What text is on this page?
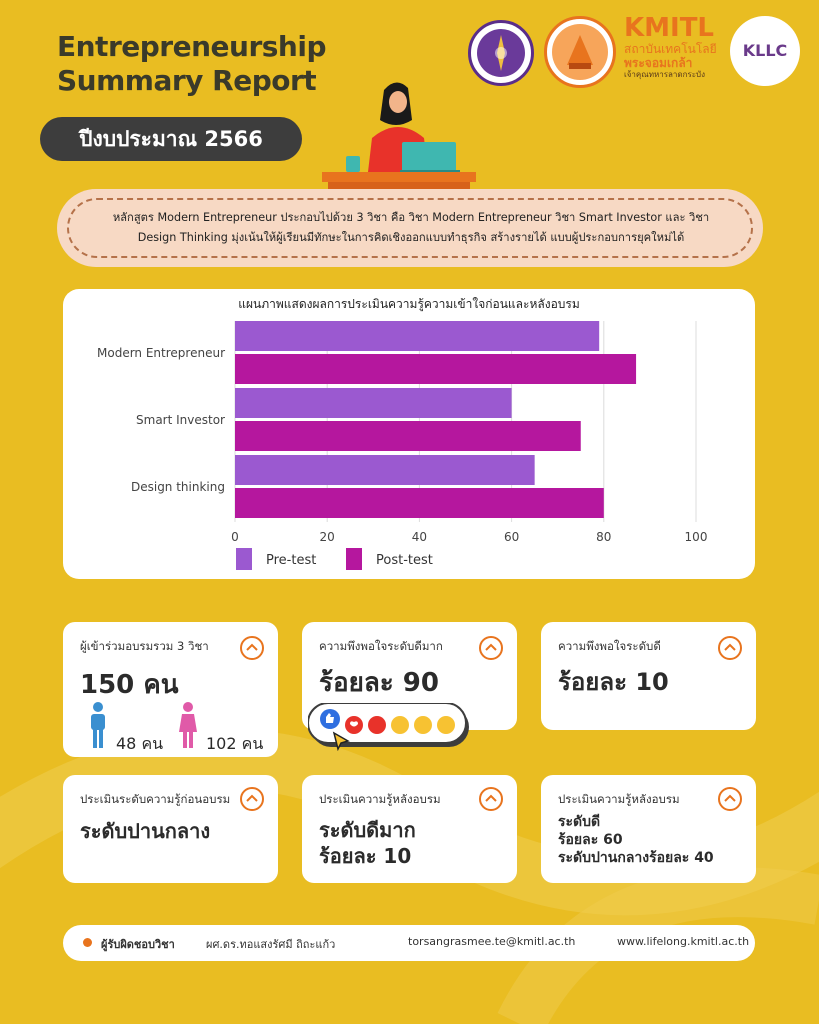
Entrepreneurship
Summary Report
ปีงบประมาณ 2566
KMITL
สถาบันเทคโนโลยี
พระจอมเกล้า
เจ้าคุณทหารลาดกระบัง
KLLC
หลักสูตร Modern Entrepreneur ประกอบไปด้วย 3 วิชา คือ วิชา Modern Entrepreneur วิชา Smart Investor และ วิชา Design Thinking มุ่งเน้นให้ผู้เรียนมีทักษะในการคิดเชิงออกแบบทำธุรกิจ สร้างรายได้ แบบผู้ประกอบการยุคใหม่ได้
แผนภาพแสดงผลการประเมินความรู้ความเข้าใจก่อนและหลังอบรม
0	20	40	60	80	100
Modern Entrepreneur
Smart Investor
Design thinking
Pre-test	Post-test
ผู้เข้าร่วมอบรมรวม 3 วิชา
150 คน
48 คน	102 คน
ความพึงพอใจระดับดีมาก
ร้อยละ 90
ความพึงพอใจระดับดี
ร้อยละ 10
ประเมินระดับความรู้ก่อนอบรม
ระดับปานกลาง
ประเมินความรู้หลังอบรม
ระดับดีมาก
ร้อยละ 10
ประเมินความรู้หลังอบรม
ระดับดี
ร้อยละ 60
ระดับปานกลางร้อยละ 40
ผู้รับผิดชอบวิชา	ผศ.ดร.ทอแสงรัศมี ถิถะแก้ว	torsangrasmee.te@kmitl.ac.th	www.lifelong.kmitl.ac.th
